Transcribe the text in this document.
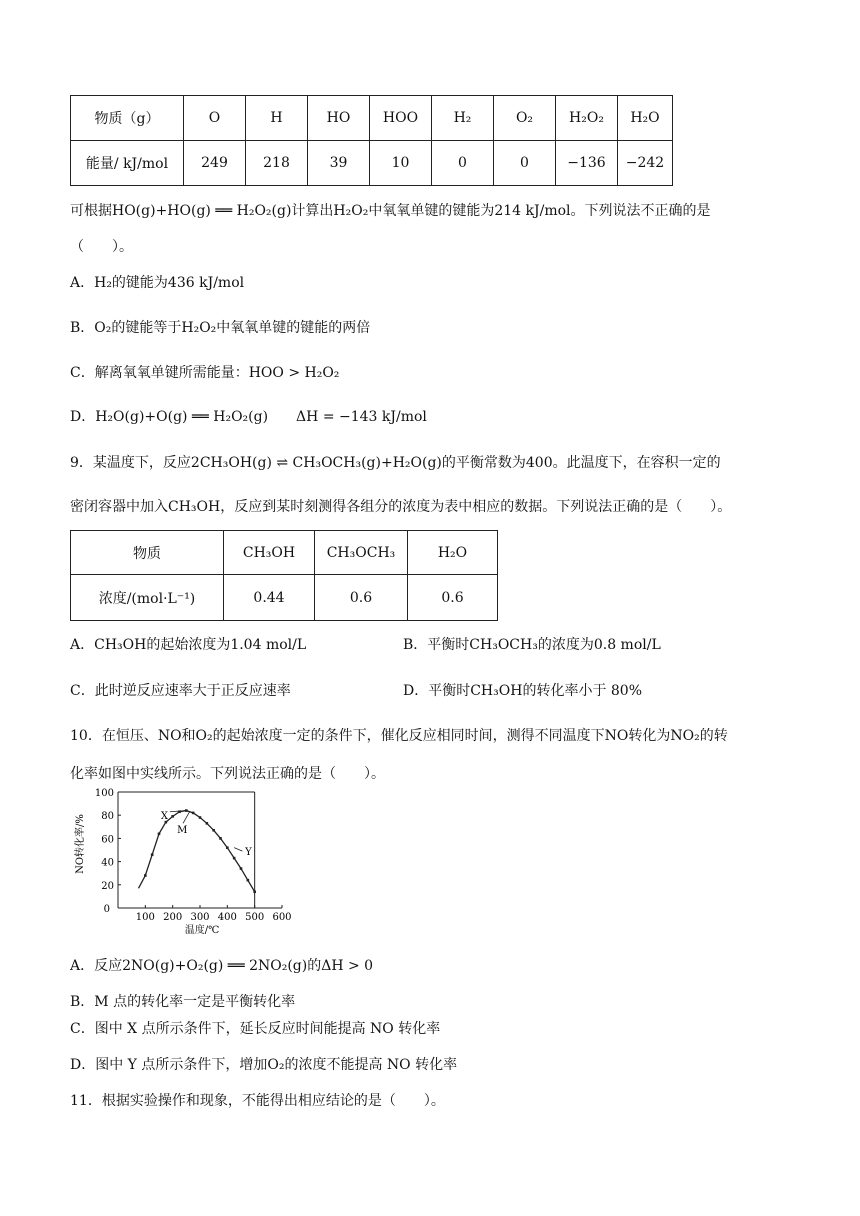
物质（g）	O	H	HO	HOO	H₂	O₂	H₂O₂	H₂O
能量/ kJ/mol	249	218	39	10	0	0	−136	−242
可根据HO(g)+HO(g) ══ H₂O₂(g)计算出H₂O₂中氧氧单键的键能为214 kJ/mol。下列说法不正确的是
（　　）。
A．H₂的键能为436 kJ/mol
B．O₂的键能等于H₂O₂中氧氧单键的键能的两倍
C．解离氧氧单键所需能量：HOO > H₂O₂
D．H₂O(g)+O(g) ══ H₂O₂(g)　　ΔH = −143 kJ/mol
9．某温度下，反应2CH₃OH(g) ⇌ CH₃OCH₃(g)+H₂O(g)的平衡常数为400。此温度下，在容积一定的
密闭容器中加入CH₃OH，反应到某时刻测得各组分的浓度为表中相应的数据。下列说法正确的是（　　）。
物质	CH₃OH	CH₃OCH₃	H₂O
浓度/(mol·L⁻¹)	0.44	0.6	0.6
A．CH₃OH的起始浓度为1.04 mol/L	B．平衡时CH₃OCH₃的浓度为0.8 mol/L
C．此时逆反应速率大于正反应速率	D．平衡时CH₃OH的转化率小于 80%
10．在恒压、NO和O₂的起始浓度一定的条件下，催化反应相同时间，测得不同温度下NO转化为NO₂的转
化率如图中实线所示。下列说法正确的是（　　）。
100 200 300 400 500 600
0
20
40
60
80
100
X
M
Y
NO转化率/%
温度/℃
A．反应2NO(g)+O₂(g) ══ 2NO₂(g)的ΔH > 0
B．M 点的转化率一定是平衡转化率
C．图中 X 点所示条件下，延长反应时间能提高 NO 转化率
D．图中 Y 点所示条件下，增加O₂的浓度不能提高 NO 转化率
11．根据实验操作和现象，不能得出相应结论的是（　　）。
